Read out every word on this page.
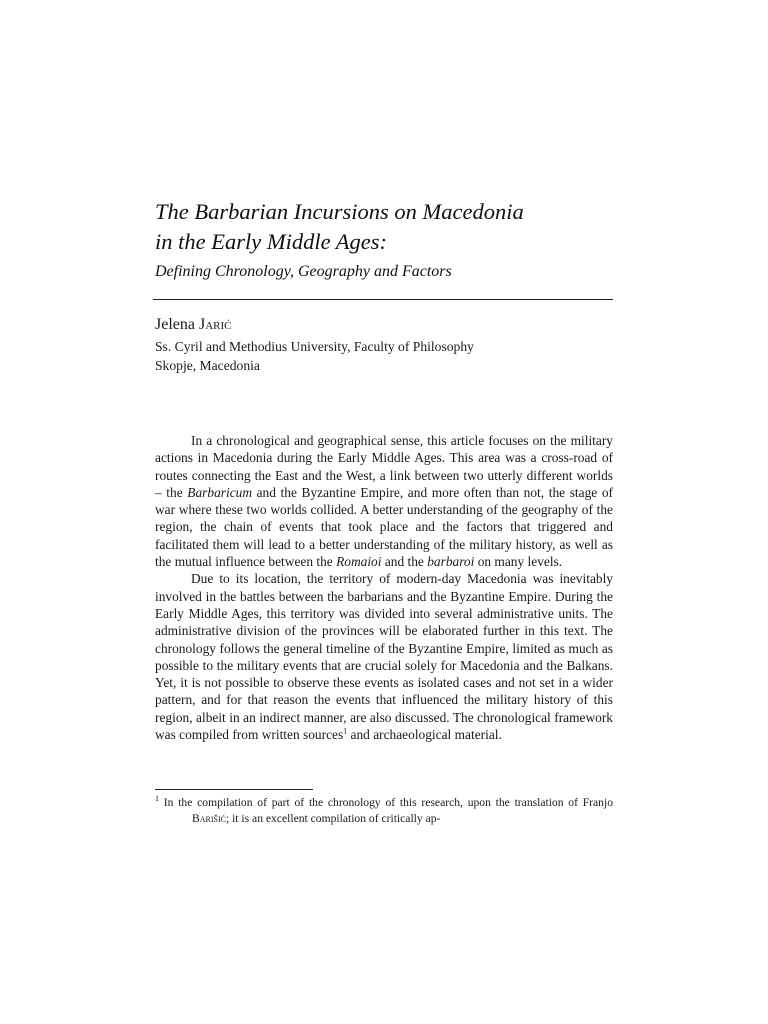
The Barbarian Incursions on Macedonia
in the Early Middle Ages:
Defining Chronology, Geography and Factors
Jelena Jarić
Ss. Cyril and Methodius University, Faculty of Philosophy
Skopje, Macedonia

In a chronological and geographical sense, this article focuses on the military actions in Macedonia during the Early Middle Ages. This area was a cross-road of routes connecting the East and the West, a link between two utterly different worlds – the Barbaricum and the Byzantine Empire, and more often than not, the stage of war where these two worlds collided. A better understanding of the geography of the region, the chain of events that took place and the factors that triggered and facilitated them will lead to a better understanding of the military history, as well as the mutual influence between the Romaioi and the barbaroi on many levels.

Due to its location, the territory of modern-day Macedonia was inevitably involved in the battles between the barbarians and the Byzantine Empire. During the Early Middle Ages, this territory was divided into several administrative units. The administrative division of the provinces will be elaborated further in this text. The chronology follows the general timeline of the Byzantine Empire, limited as much as possible to the military events that are crucial solely for Macedonia and the Balkans. Yet, it is not possible to observe these events as isolated cases and not set in a wider pattern, and for that reason the events that influenced the military history of this region, albeit in an indirect manner, are also discussed. The chronological framework was compiled from written sources$^1$ and archaeological material.

$^1$ In the compilation of part of the chronology of this research, upon the translation of Franjo Barišić; it is an excellent compilation of critically ap-
